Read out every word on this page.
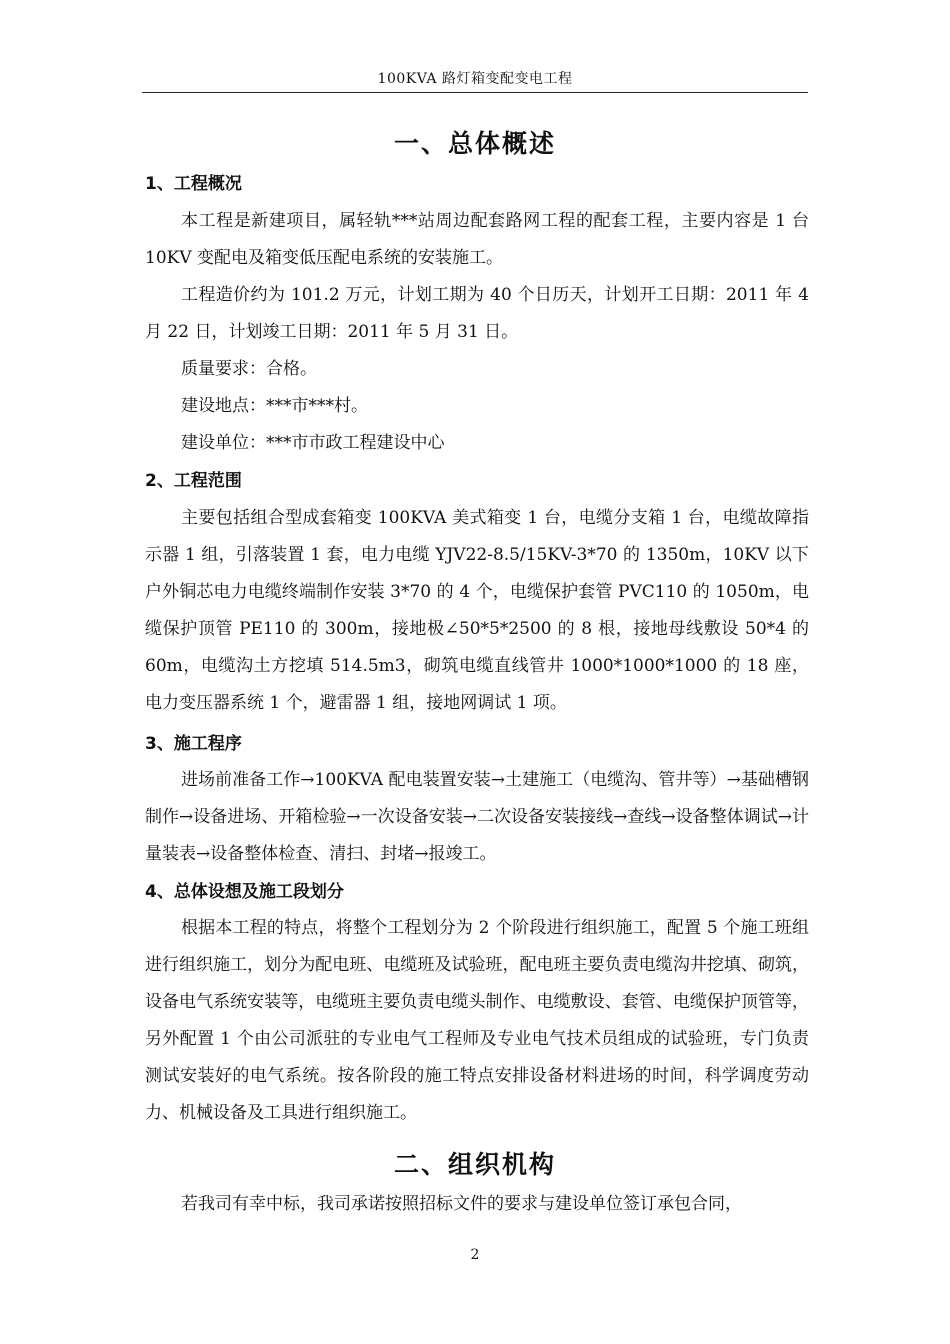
100KVA 路灯箱变配变电工程
一、总体概述
1、工程概况

本工程是新建项目，属轻轨***站周边配套路网工程的配套工程，主要内容是 1 台 10KV 变配电及箱变低压配电系统的安装施工。

工程造价约为 101.2 万元，计划工期为 40 个日历天，计划开工日期：2011 年 4 月 22 日，计划竣工日期：2011 年 5 月 31 日。

质量要求：合格。
建设地点：***市***村。
建设单位：***市市政工程建设中心
2、工程范围

主要包括组合型成套箱变 100KVA 美式箱变 1 台，电缆分支箱 1 台，电缆故障指示器 1 组，引落装置 1 套，电力电缆 YJV22-8.5/15KV-3*70 的 1350m，10KV 以下户外铜芯电力电缆终端制作安装 3*70 的 4 个，电缆保护套管 PVC110 的 1050m，电缆保护顶管 PE110 的 300m，接地极∠50*5*2500 的 8 根，接地母线敷设 50*4 的 60m，电缆沟土方挖填 514.5m3，砌筑电缆直线管井 1000*1000*1000 的 18 座，电力变压器系统 1 个，避雷器 1 组，接地网调试 1 项。

3、施工程序

进场前准备工作→100KVA 配电装置安装→土建施工（电缆沟、管井等）→基础槽钢制作→设备进场、开箱检验→一次设备安装→二次设备安装接线→查线→设备整体调试→计量装表→设备整体检查、清扫、封堵→报竣工。

4、总体设想及施工段划分

根据本工程的特点，将整个工程划分为 2 个阶段进行组织施工，配置 5 个施工班组进行组织施工，划分为配电班、电缆班及试验班，配电班主要负责电缆沟井挖填、砌筑，设备电气系统安装等，电缆班主要负责电缆头制作、电缆敷设、套管、电缆保护顶管等，另外配置 1 个由公司派驻的专业电气工程师及专业电气技术员组成的试验班，专门负责测试安装好的电气系统。按各阶段的施工特点安排设备材料进场的时间，科学调度劳动力、机械设备及工具进行组织施工。

二、组织机构

若我司有幸中标，我司承诺按照招标文件的要求与建设单位签订承包合同，

2
